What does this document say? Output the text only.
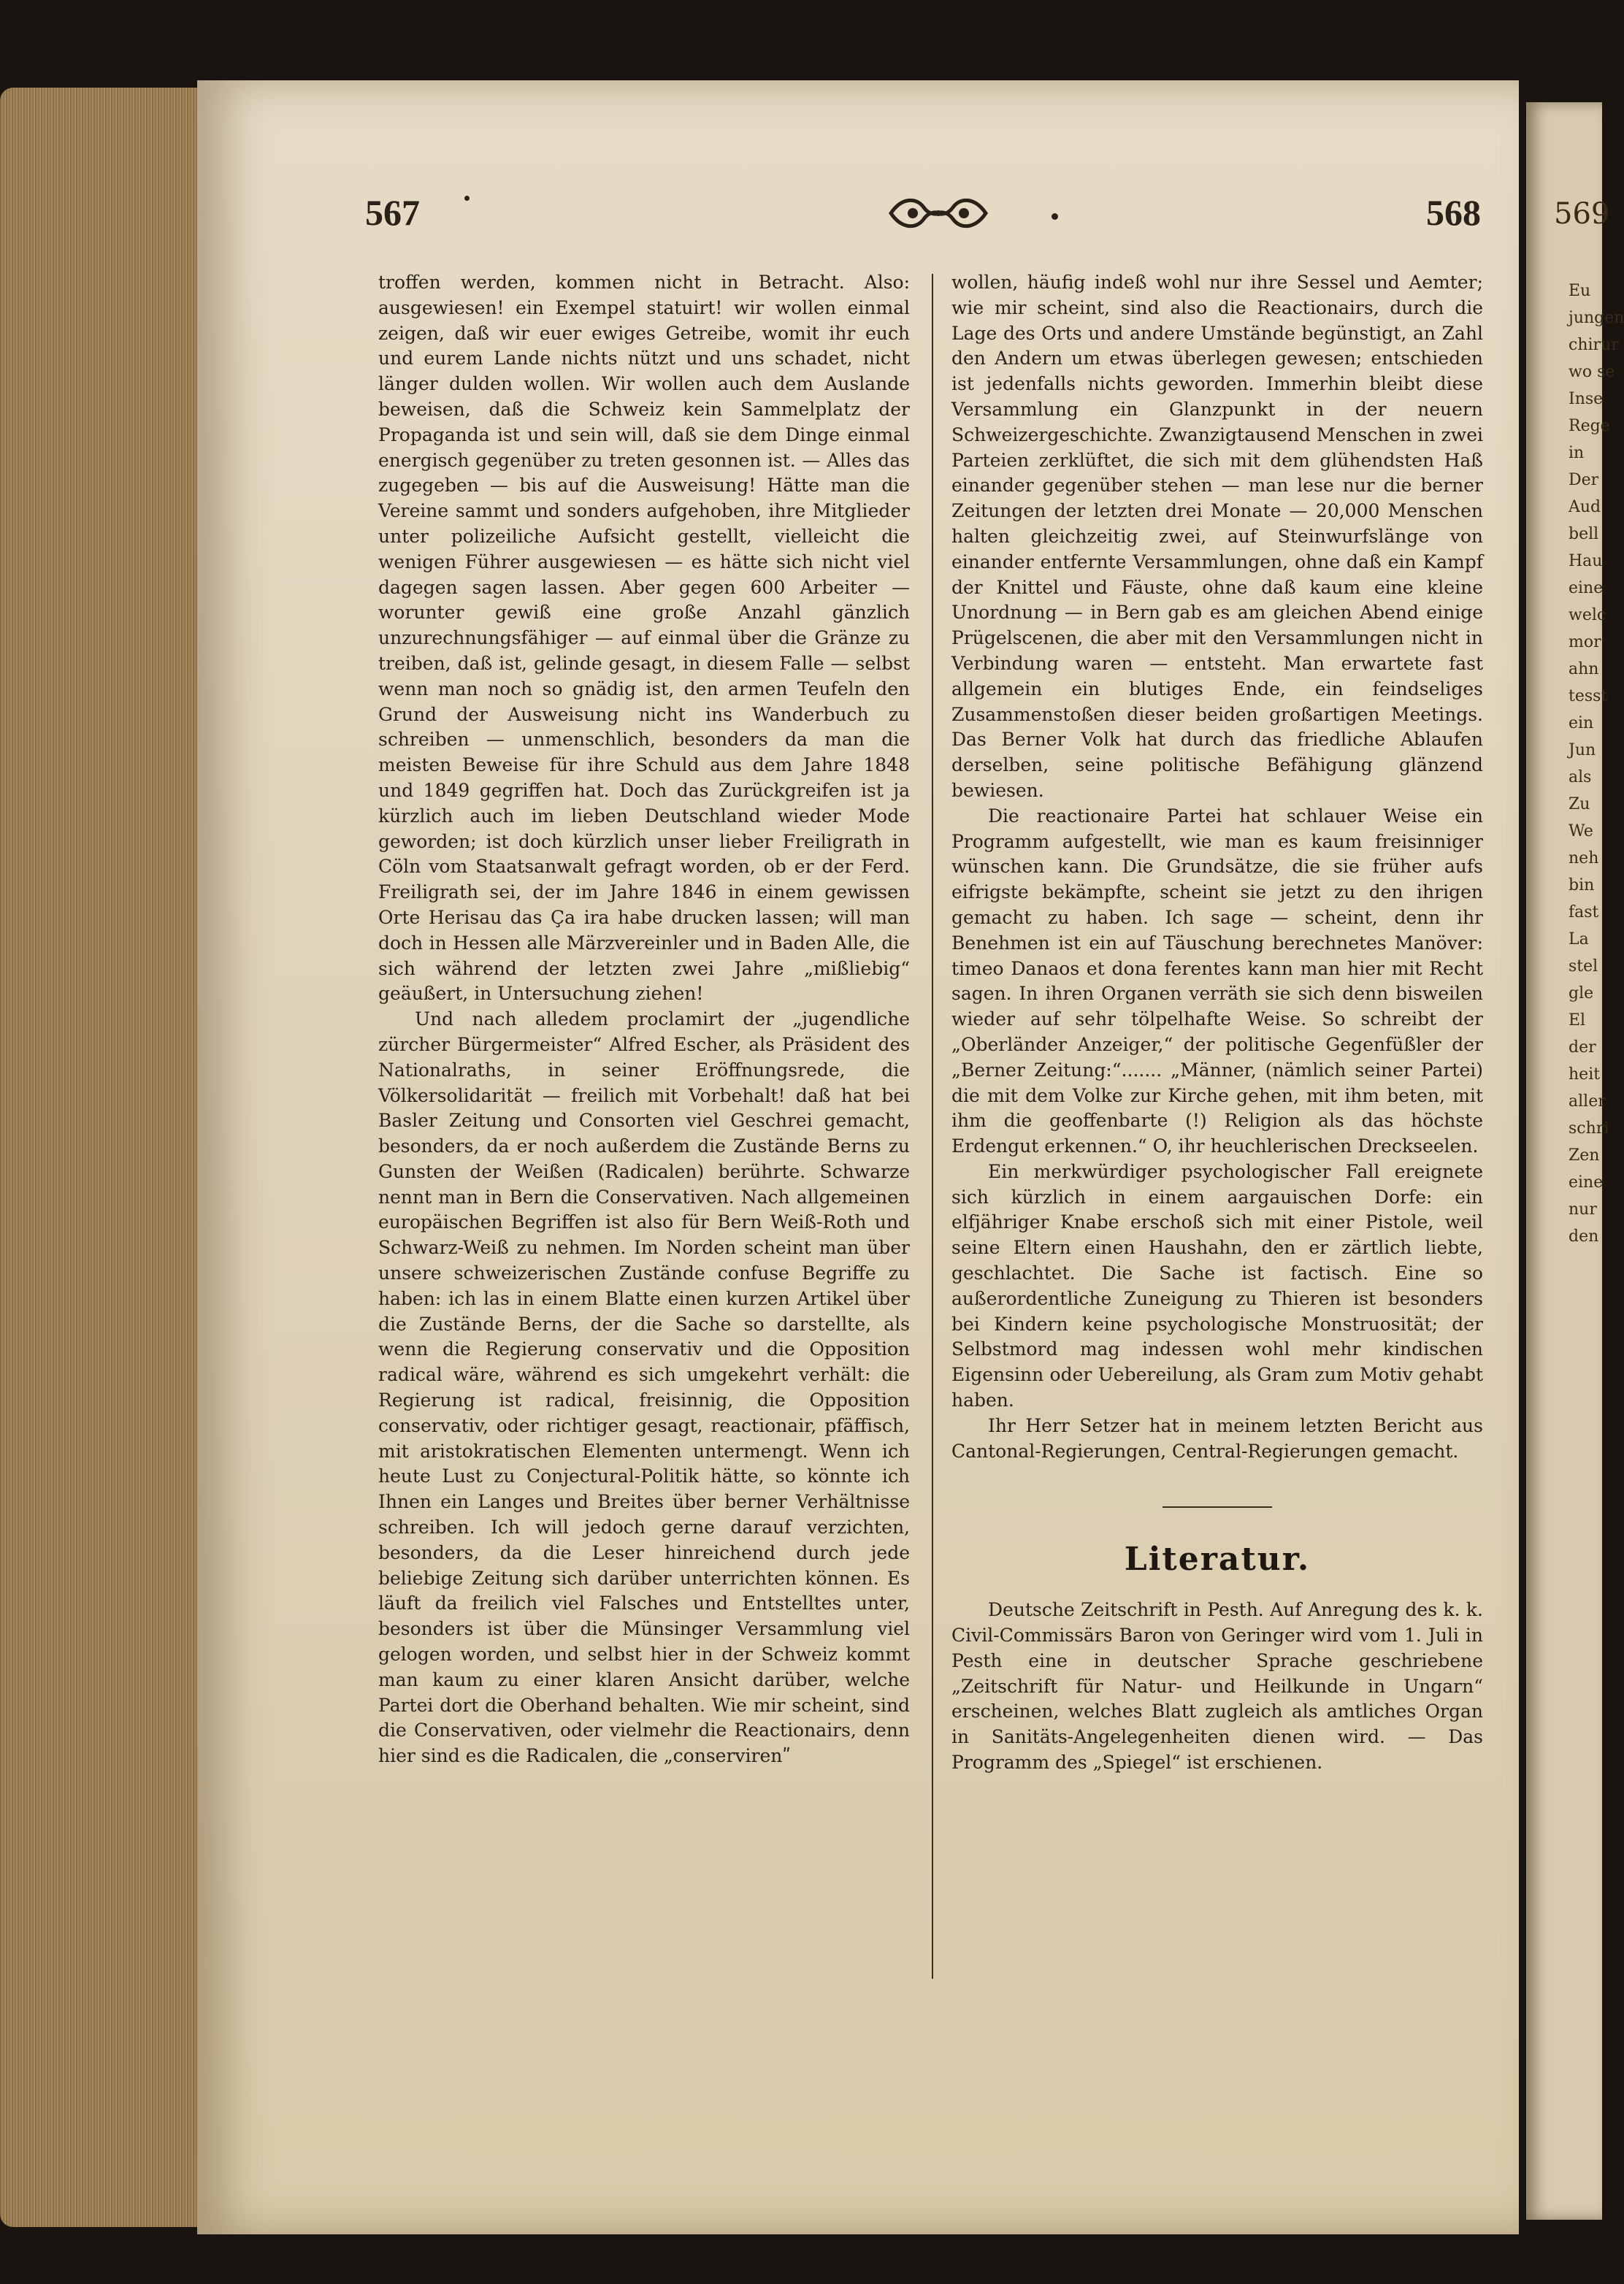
569
Eu
jungen
chirur
wo se
Inse
Rege
in
Der
Aud
bell
Hau
eine
welc
mor
ahn
tesst
ein
Jun
als
Zu
We
neh
bin
fast
La
stel
gle
El
der
heit
aller
schri
Zen
eine
nur
den
567	568

troffen werden, kommen nicht in Betracht. Also: ausgewiesen! ein Exempel statuirt! wir wollen einmal zeigen, daß wir euer ewiges Getreibe, womit ihr euch und eurem Lande nichts nützt und uns schadet, nicht länger dulden wollen. Wir wollen auch dem Auslande beweisen, daß die Schweiz kein Sammelplatz der Propaganda ist und sein will, daß sie dem Dinge einmal energisch gegenüber zu treten gesonnen ist. — Alles das zugegeben — bis auf die Ausweisung! Hätte man die Vereine sammt und sonders aufgehoben, ihre Mitglieder unter polizeiliche Aufsicht gestellt, vielleicht die wenigen Führer ausgewiesen — es hätte sich nicht viel dagegen sagen lassen. Aber gegen 600 Arbeiter — worunter gewiß eine große Anzahl gänzlich unzurechnungsfähiger — auf einmal über die Gränze zu treiben, daß ist, gelinde gesagt, in diesem Falle — selbst wenn man noch so gnädig ist, den armen Teufeln den Grund der Ausweisung nicht ins Wanderbuch zu schreiben — unmenschlich, besonders da man die meisten Beweise für ihre Schuld aus dem Jahre 1848 und 1849 gegriffen hat. Doch das Zurückgreifen ist ja kürzlich auch im lieben Deutschland wieder Mode geworden; ist doch kürzlich unser lieber Freiligrath in Cöln vom Staatsanwalt gefragt worden, ob er der Ferd. Freiligrath sei, der im Jahre 1846 in einem gewissen Orte Herisau das Ça ira habe drucken lassen; will man doch in Hessen alle Märzvereinler und in Baden Alle, die sich während der letzten zwei Jahre „mißliebig“ geäußert, in Untersuchung ziehen!

Und nach alledem proclamirt der „jugendliche zürcher Bürgermeister“ Alfred Escher, als Präsident des Nationalraths, in seiner Eröffnungsrede, die Völkersolidarität — freilich mit Vorbehalt! daß hat bei Basler Zeitung und Consorten viel Geschrei gemacht, besonders, da er noch außerdem die Zustände Berns zu Gunsten der Weißen (Radicalen) berührte. Schwarze nennt man in Bern die Conservativen. Nach allgemeinen europäischen Begriffen ist also für Bern Weiß-Roth und Schwarz-Weiß zu nehmen. Im Norden scheint man über unsere schweizerischen Zustände confuse Begriffe zu haben: ich las in einem Blatte einen kurzen Artikel über die Zustände Berns, der die Sache so darstellte, als wenn die Regierung conservativ und die Opposition radical wäre, während es sich umgekehrt verhält: die Regierung ist radical, freisinnig, die Opposition conservativ, oder richtiger gesagt, reactionair, pfäffisch, mit aristokratischen Elementen untermengt. Wenn ich heute Lust zu Conjectural-Politik hätte, so könnte ich Ihnen ein Langes und Breites über berner Verhältnisse schreiben. Ich will jedoch gerne darauf verzichten, besonders, da die Leser hinreichend durch jede beliebige Zeitung sich darüber unterrichten können. Es läuft da freilich viel Falsches und Entstelltes unter, besonders ist über die Münsinger Versammlung viel gelogen worden, und selbst hier in der Schweiz kommt man kaum zu einer klaren Ansicht darüber, welche Partei dort die Oberhand behalten. Wie mir scheint, sind die Conservativen, oder vielmehr die Reactionairs, denn hier sind es die Radicalen, die „conservirenʺ

wollen, häufig indeß wohl nur ihre Sessel und Aemter; wie mir scheint, sind also die Reactionairs, durch die Lage des Orts und andere Umstände begünstigt, an Zahl den Andern um etwas überlegen gewesen; entschieden ist jedenfalls nichts geworden. Immerhin bleibt diese Versammlung ein Glanzpunkt in der neuern Schweizergeschichte. Zwanzigtausend Menschen in zwei Parteien zerklüftet, die sich mit dem glühendsten Haß einander gegenüber stehen — man lese nur die berner Zeitungen der letzten drei Monate — 20,000 Menschen halten gleichzeitig zwei, auf Steinwurfslänge von einander entfernte Versammlungen, ohne daß ein Kampf der Knittel und Fäuste, ohne daß kaum eine kleine Unordnung — in Bern gab es am gleichen Abend einige Prügelscenen, die aber mit den Versammlungen nicht in Verbindung waren — entsteht. Man erwartete fast allgemein ein blutiges Ende, ein feindseliges Zusammenstoßen dieser beiden großartigen Meetings. Das Berner Volk hat durch das friedliche Ablaufen derselben, seine politische Befähigung glänzend bewiesen.

Die reactionaire Partei hat schlauer Weise ein Programm aufgestellt, wie man es kaum freisinniger wünschen kann. Die Grundsätze, die sie früher aufs eifrigste bekämpfte, scheint sie jetzt zu den ihrigen gemacht zu haben. Ich sage — scheint, denn ihr Benehmen ist ein auf Täuschung berechnetes Manöver: timeo Danaos et dona ferentes kann man hier mit Recht sagen. In ihren Organen verräth sie sich denn bisweilen wieder auf sehr tölpelhafte Weise. So schreibt der „Oberländer Anzeiger,“ der politische Gegenfüßler der „Berner Zeitung:“....... „Männer, (nämlich seiner Partei) die mit dem Volke zur Kirche gehen, mit ihm beten, mit ihm die geoffenbarte (!) Religion als das höchste Erdengut erkennen.“ O, ihr heuchlerischen Dreckseelen.

Ein merkwürdiger psychologischer Fall ereignete sich kürzlich in einem aargauischen Dorfe: ein elfjähriger Knabe erschoß sich mit einer Pistole, weil seine Eltern einen Haushahn, den er zärtlich liebte, geschlachtet. Die Sache ist factisch. Eine so außerordentliche Zuneigung zu Thieren ist besonders bei Kindern keine psychologische Monstruosität; der Selbstmord mag indessen wohl mehr kindischen Eigensinn oder Uebereilung, als Gram zum Motiv gehabt haben.

Ihr Herr Setzer hat in meinem letzten Bericht aus Cantonal-Regierungen, Central-Regierungen gemacht.

Literatur.

Deutsche Zeitschrift in Pesth. Auf Anregung des k. k. Civil-Commissärs Baron von Geringer wird vom 1. Juli in Pesth eine in deutscher Sprache geschriebene „Zeitschrift für Natur- und Heilkunde in Ungarn“ erscheinen, welches Blatt zugleich als amtliches Organ in Sanitäts-Angelegenheiten dienen wird. — Das Programm des „Spiegel“ ist erschienen.
